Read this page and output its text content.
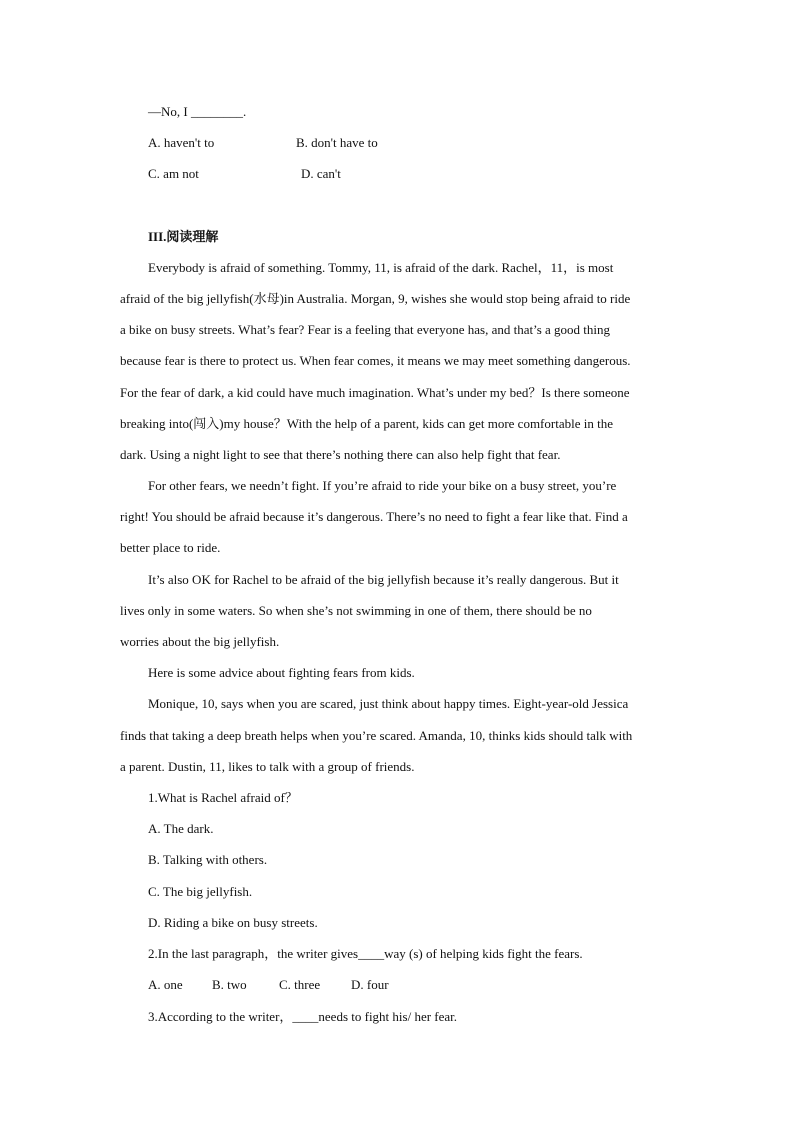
—No, I ________.
A. haven't to	B. don't have to
C. am not	D. can't
III.阅读理解
Everybody is afraid of something. Tommy, 11, is afraid of the dark. Rachel，11，is most
afraid of the big jellyfish(水母)in Australia. Morgan, 9, wishes she would stop being afraid to ride
a bike on busy streets. What’s fear? Fear is a feeling that everyone has, and that’s a good thing
because fear is there to protect us. When fear comes, it means we may meet something dangerous.
For the fear of dark, a kid could have much imagination. What’s under my bed？Is there someone
breaking into(闯入)my house？With the help of a parent, kids can get more comfortable in the
dark. Using a night light to see that there’s nothing there can also help fight that fear.
For other fears, we needn’t fight. If you’re afraid to ride your bike on a busy street, you’re
right! You should be afraid because it’s dangerous. There’s no need to fight a fear like that. Find a
better place to ride.
It’s also OK for Rachel to be afraid of the big jellyfish because it’s really dangerous. But it
lives only in some waters. So when she’s not swimming in one of them, there should be no
worries about the big jellyfish.
Here is some advice about fighting fears from kids.
Monique, 10, says when you are scared, just think about happy times. Eight-year-old Jessica
finds that taking a deep breath helps when you’re scared. Amanda, 10, thinks kids should talk with
a parent. Dustin, 11, likes to talk with a group of friends.
1.What is Rachel afraid of？
A. The dark.
B. Talking with others.
C. The big jellyfish.
D. Riding a bike on busy streets.
2.In the last paragraph，the writer gives____way (s) of helping kids fight the fears.
A. one B. two C. three D. four
3.According to the writer，____needs to fight his/ her fear.
